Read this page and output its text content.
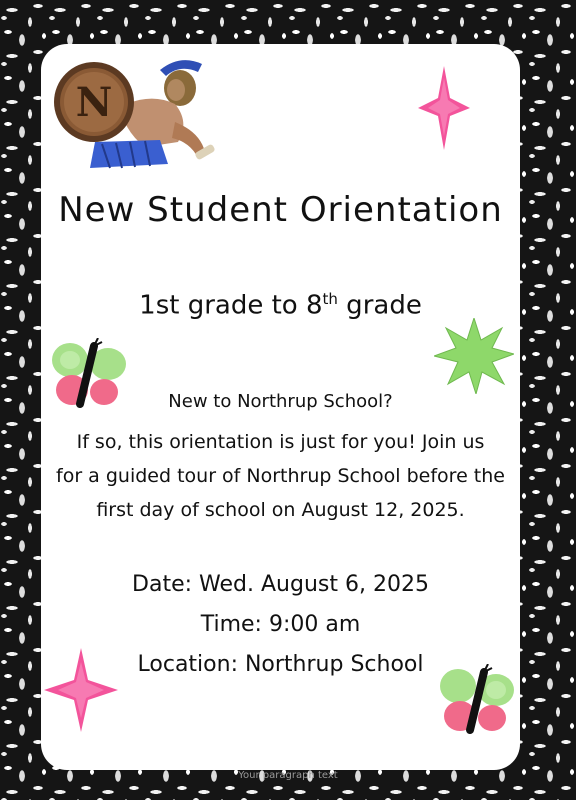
N
New Student Orientation
1st grade to 8th grade
New to Northrup School?
If so, this orientation is just for you! Join us
for a guided tour of Northrup School before the
first day of school on August 12, 2025.
Date: Wed. August 6, 2025
Time: 9:00 am
Location: Northrup School
Your paragraph text
